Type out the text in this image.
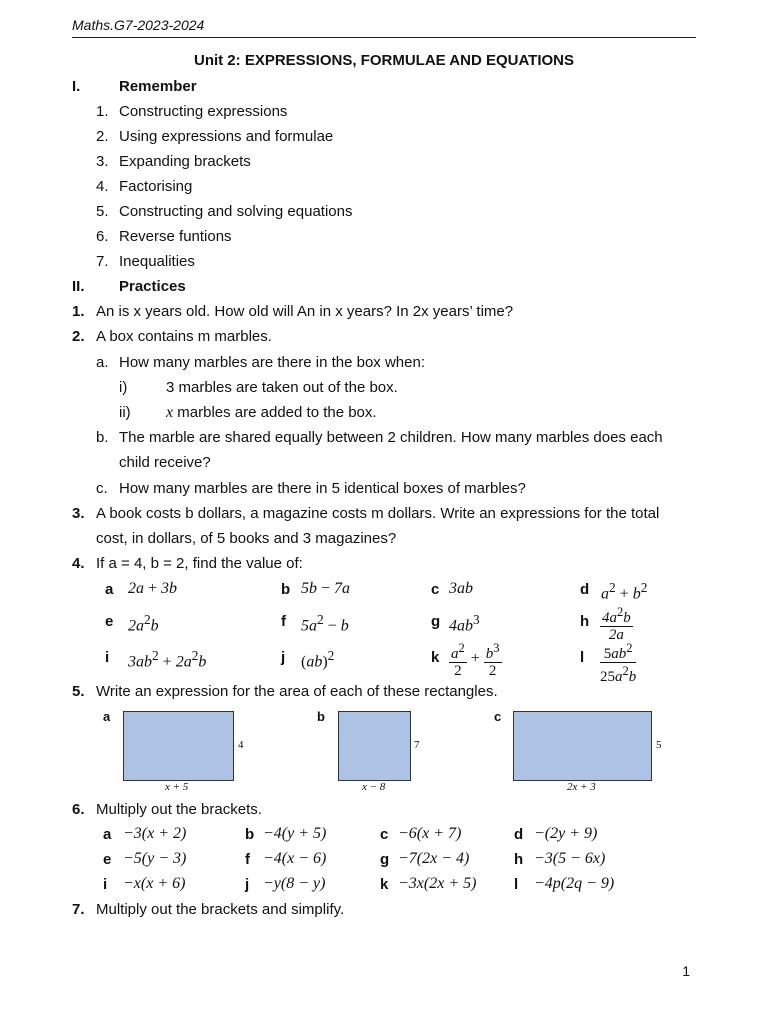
Maths.G7-2023-2024
Unit 2: EXPRESSIONS, FORMULAE AND EQUATIONS
I.	Remember
1. Constructing expressions
2. Using expressions and formulae
3. Expanding brackets
4. Factorising
5. Constructing and solving equations
6. Reverse funtions
7. Inequalities
II. Practices
1. An is x years old. How old will An in x years? In 2x years’ time?
2. A box contains m marbles.
a. How many marbles are there in the box when:
i)	3 marbles are taken out of the box.
ii) x marbles are added to the box.
b. The marble are shared equally between 2 children. How many marbles does each
child receive?
c. How many marbles are there in 5 identical boxes of marbles?
3. A book costs b dollars, a magazine costs m dollars. Write an expressions for the total
cost, in dollars, of 5 books and 3 magazines?
4. If a = 4, b = 2, find the value of:
a 2a + 3b	b 5b − 7a	c 3ab	d $a^2 + b^2$
e $2a^2b$	f $5a^2 - b$	g $4ab^3$	h $\frac{4a^2b}{2a}$
i $3ab^2 + 2a^2b$	j (ab)$^2$	k $\frac{a^2}{2} + \frac{b^3}{2}$	l $\frac{5ab^2}{25a^2b}$
5. Write an expression for the area of each of these rectangles.
a
4
x + 5
b
7
x − 8
c
5
2x + 3
6. Multiply out the brackets.
a −3(x + 2)	b −4(y + 5)	c −6(x + 7)	d −(2y + 9)
e −5(y − 3)	f −4(x − 6)	g −7(2x − 4)	h −3(5 − 6x)
i −x(x + 6)	j −y(8 − y)	k −3x(2x + 5)	l −4p(2q − 9)
7. Multiply out the brackets and simplify.
1
